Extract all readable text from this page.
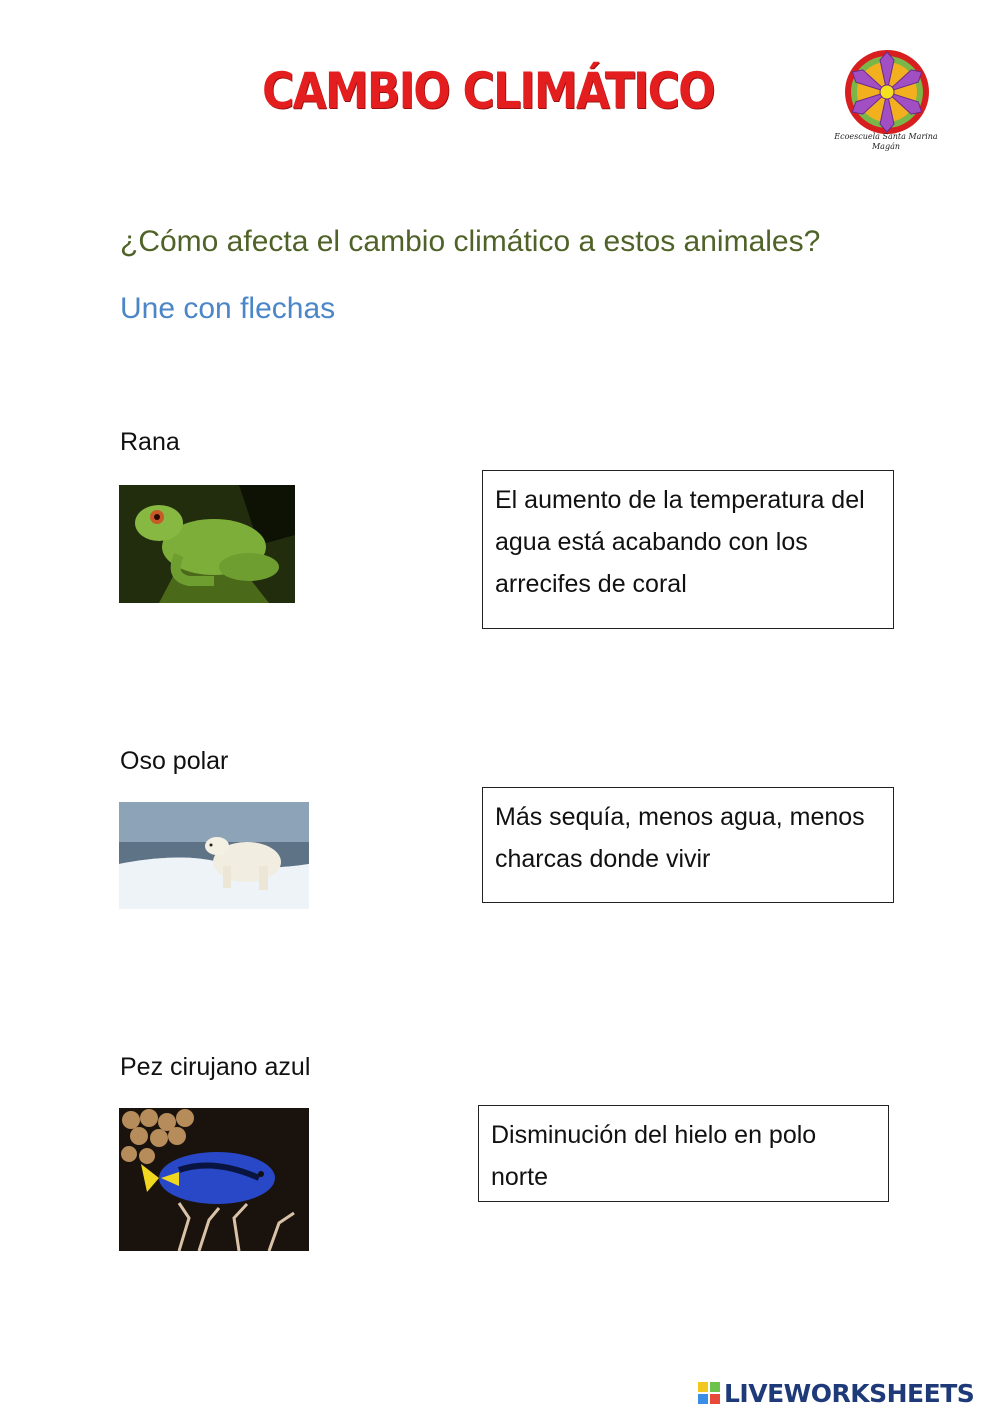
CAMBIO CLIMÁTICO
Ecoescuela Santa Marina
Magán
¿Cómo afecta el cambio climático a estos animales?
Une con flechas
Rana
El aumento de la temperatura del agua está acabando con los arrecifes de coral
Oso polar
Más sequía, menos agua, menos charcas donde vivir
Pez cirujano azul
Disminución del hielo en polo norte
LIVEWORKSHEETS
